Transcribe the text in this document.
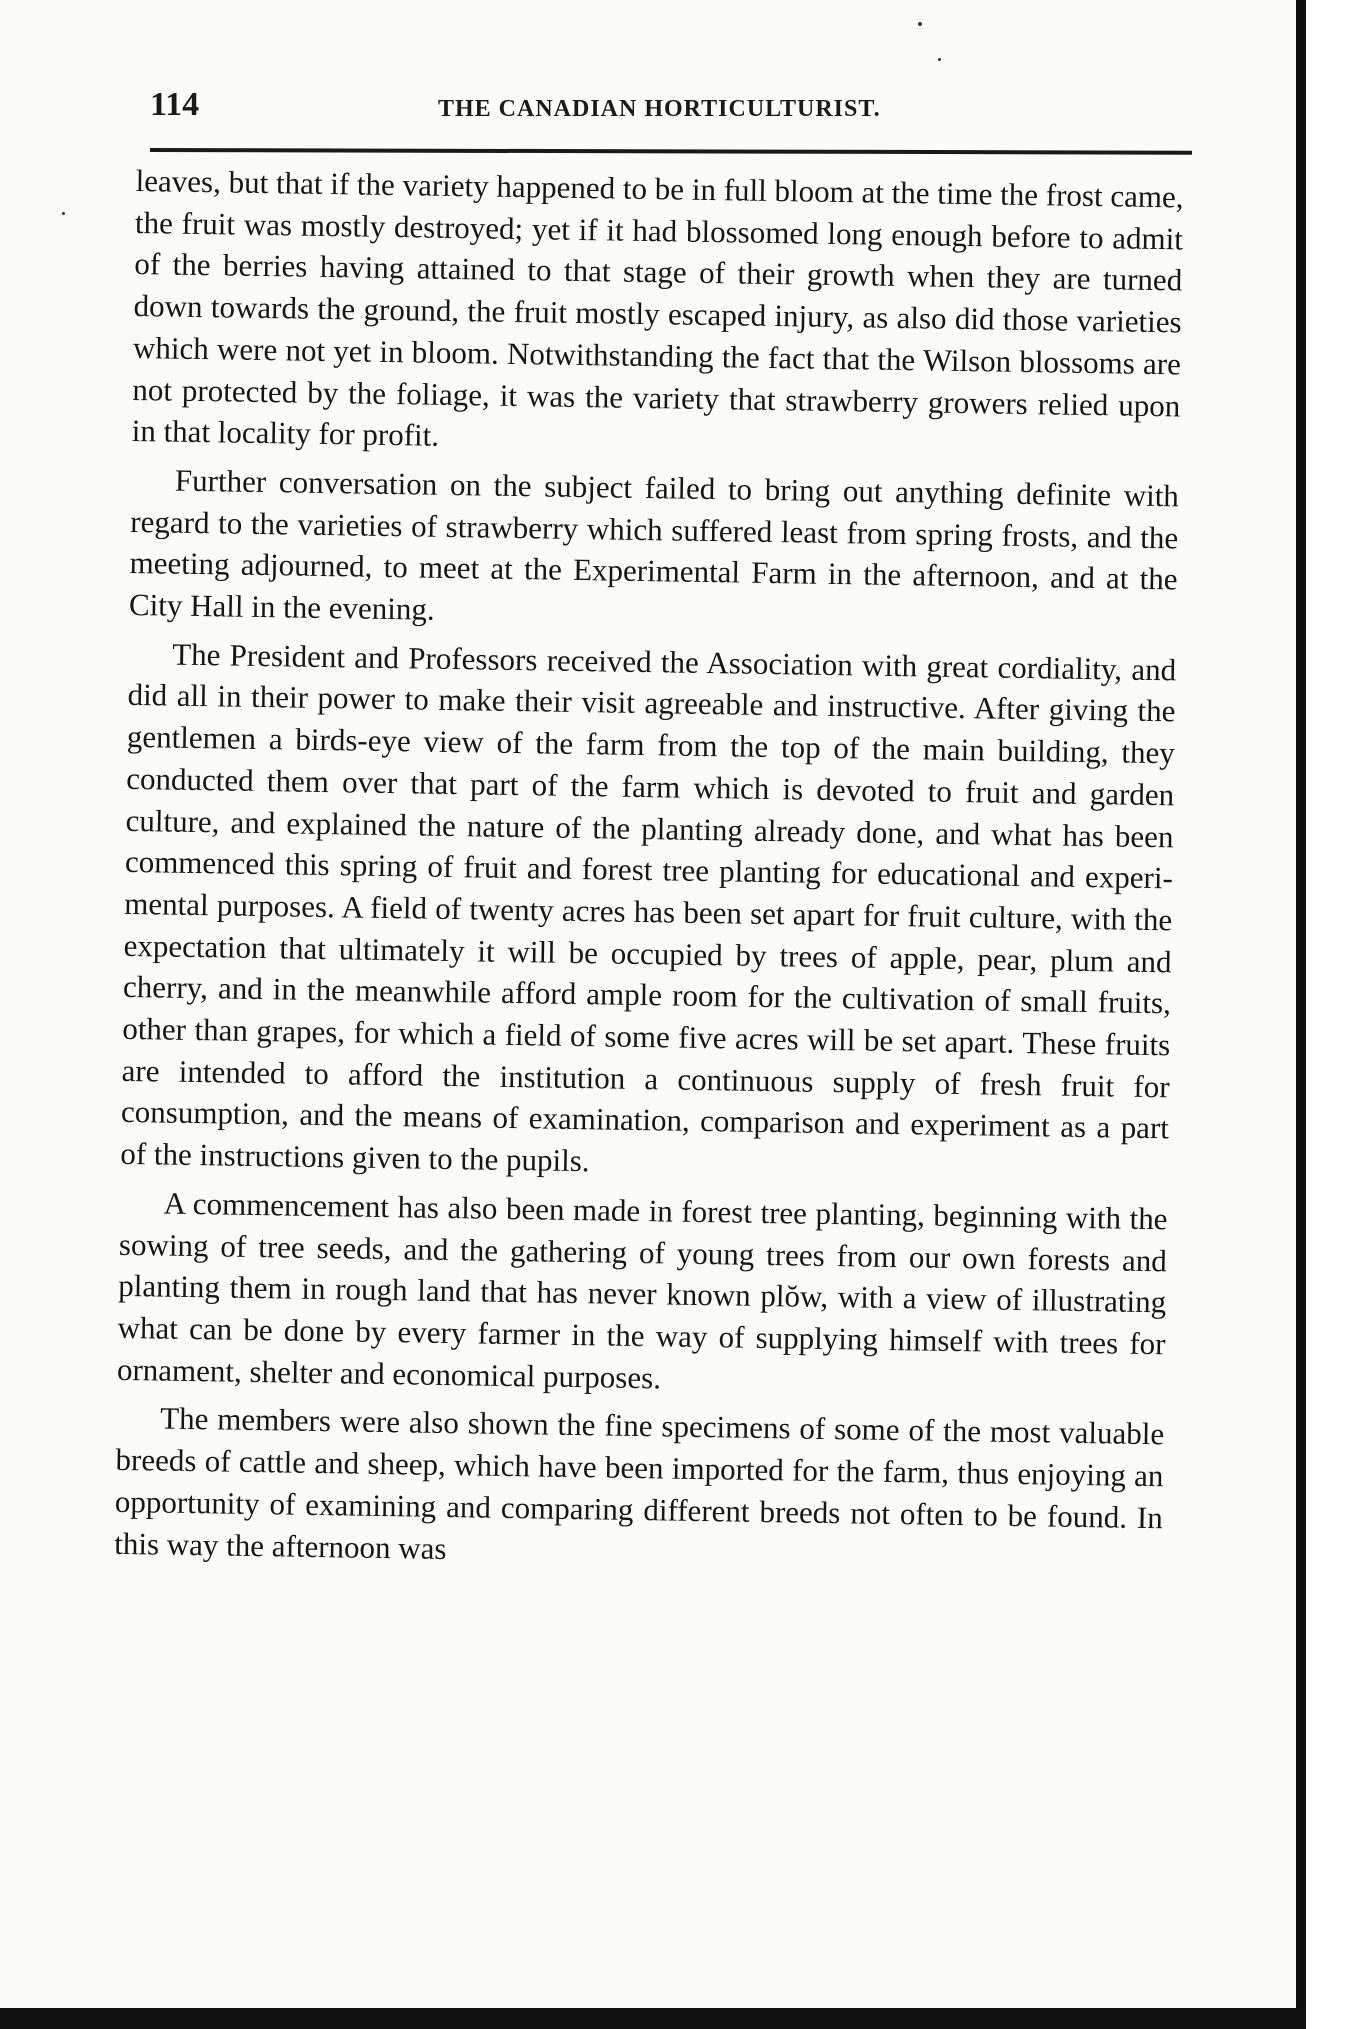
114	THE CANADIAN HORTICULTURIST.

leaves, but that if the variety happened to be in full bloom at the time the frost came, the fruit was mostly destroyed; yet if it had blossomed long enough before to admit of the berries having attained to that stage of their growth when they are turned down towards the ground, the fruit mostly escaped injury, as also did those varieties which were not yet in bloom. Notwithstanding the fact that the Wilson blossoms are not protected by the foliage, it was the variety that strawberry growers relied upon in that locality for profit.

Further conversation on the subject failed to bring out anything definite with regard to the varieties of strawberry which suffered least from spring frosts, and the meeting adjourned, to meet at the Experimental Farm in the afternoon, and at the City Hall in the evening.

The President and Professors received the Association with great cordiality, and did all in their power to make their visit agreeable and instructive. After giving the gentlemen a birds-eye view of the farm from the top of the main building, they conducted them over that part of the farm which is devoted to fruit and garden culture, and explained the nature of the planting already done, and what has been commenced this spring of fruit and forest tree planting for educational and experi-mental purposes. A field of twenty acres has been set apart for fruit culture, with the expectation that ultimately it will be occupied by trees of apple, pear, plum and cherry, and in the meanwhile afford ample room for the cultivation of small fruits, other than grapes, for which a field of some five acres will be set apart. These fruits are intended to afford the institution a continuous supply of fresh fruit for consumption, and the means of examination, comparison and experiment as a part of the instructions given to the pupils.

A commencement has also been made in forest tree planting, beginning with the sowing of tree seeds, and the gathering of young trees from our own forests and planting them in rough land that has never known plŏw, with a view of illustrating what can be done by every farmer in the way of supplying himself with trees for ornament, shelter and economical purposes.

The members were also shown the fine specimens of some of the most valuable breeds of cattle and sheep, which have been imported for the farm, thus enjoying an opportunity of examining and comparing different breeds not often to be found. In this way the afternoon was
